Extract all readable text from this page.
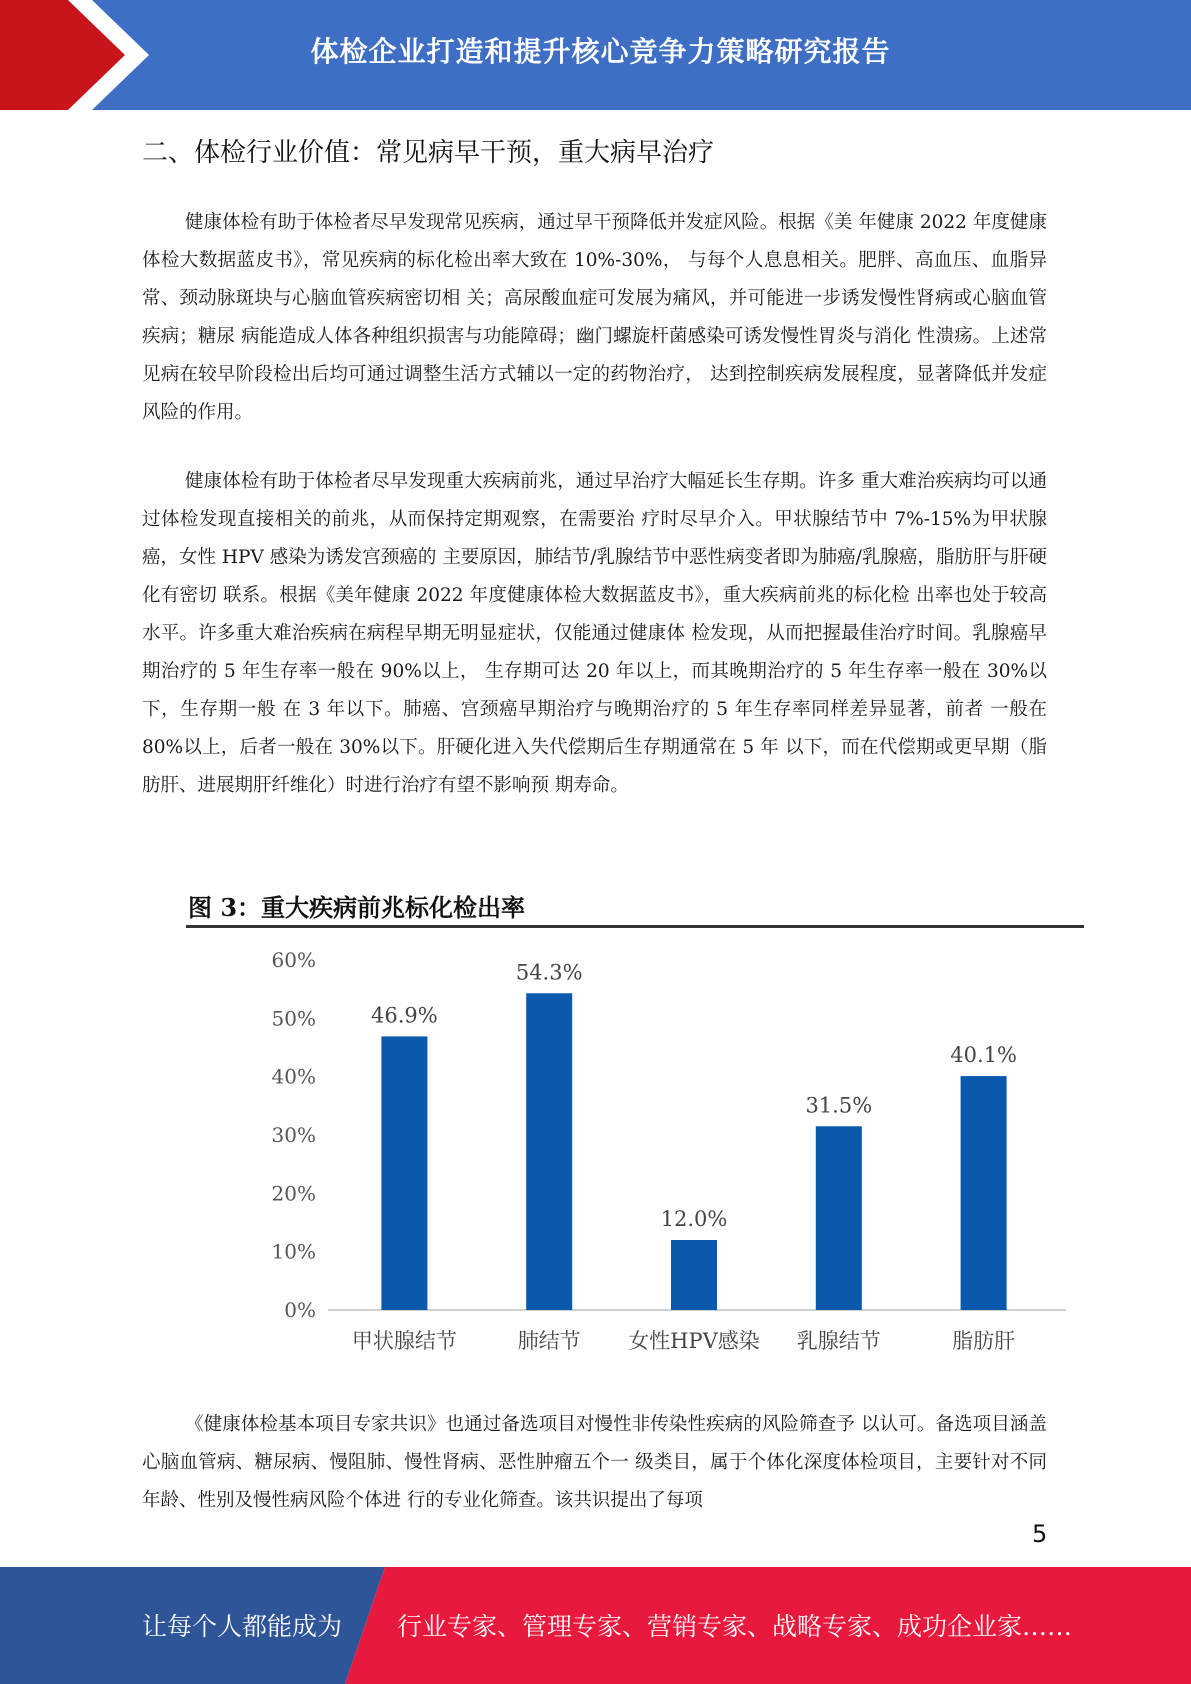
体检企业打造和提升核心竞争力策略研究报告
二、体检行业价值：常见病早干预，重大病早治疗

健康体检有助于体检者尽早发现常见疾病，通过早干预降低并发症风险。根据《美 年健康 2022 年度健康体检大数据蓝皮书》，常见疾病的标化检出率大致在 10%-30%， 与每个人息息相关。肥胖、高血压、血脂异常、颈动脉斑块与心脑血管疾病密切相 关；高尿酸血症可发展为痛风，并可能进一步诱发慢性肾病或心脑血管疾病；糖尿 病能造成人体各种组织损害与功能障碍；幽门螺旋杆菌感染可诱发慢性胃炎与消化 性溃疡。上述常见病在较早阶段检出后均可通过调整生活方式辅以一定的药物治疗， 达到控制疾病发展程度，显著降低并发症风险的作用。

健康体检有助于体检者尽早发现重大疾病前兆，通过早治疗大幅延长生存期。许多 重大难治疾病均可以通过体检发现直接相关的前兆，从而保持定期观察，在需要治 疗时尽早介入。甲状腺结节中 7%-15%为甲状腺癌，女性 HPV 感染为诱发宫颈癌的 主要原因，肺结节/乳腺结节中恶性病变者即为肺癌/乳腺癌，脂肪肝与肝硬化有密切 联系。根据《美年健康 2022 年度健康体检大数据蓝皮书》，重大疾病前兆的标化检 出率也处于较高水平。许多重大难治疾病在病程早期无明显症状，仅能通过健康体 检发现，从而把握最佳治疗时间。乳腺癌早期治疗的 5 年生存率一般在 90%以上， 生存期可达 20 年以上，而其晚期治疗的 5 年生存率一般在 30%以下，生存期一般 在 3 年以下。肺癌、宫颈癌早期治疗与晚期治疗的 5 年生存率同样差异显著，前者 一般在 80%以上，后者一般在 30%以下。肝硬化进入失代偿期后生存期通常在 5 年 以下，而在代偿期或更早期（脂肪肝、进展期肝纤维化）时进行治疗有望不影响预 期寿命。

图 3：重大疾病前兆标化检出率
0%
10%
20%
30%
40%
50%
60%
46.9%
甲状腺结节
54.3%
肺结节
12.0%
女性HPV感染
31.5%
乳腺结节
40.1%
脂肪肝

《健康体检基本项目专家共识》也通过备选项目对慢性非传染性疾病的风险筛查予 以认可。备选项目涵盖心脑血管病、糖尿病、慢阻肺、慢性肾病、恶性肿瘤五个一 级类目，属于个体化深度体检项目，主要针对不同年龄、性别及慢性病风险个体进 行的专业化筛查。该共识提出了每项

5
让每个人都能成为 行业专家、管理专家、营销专家、战略专家、成功企业家……
